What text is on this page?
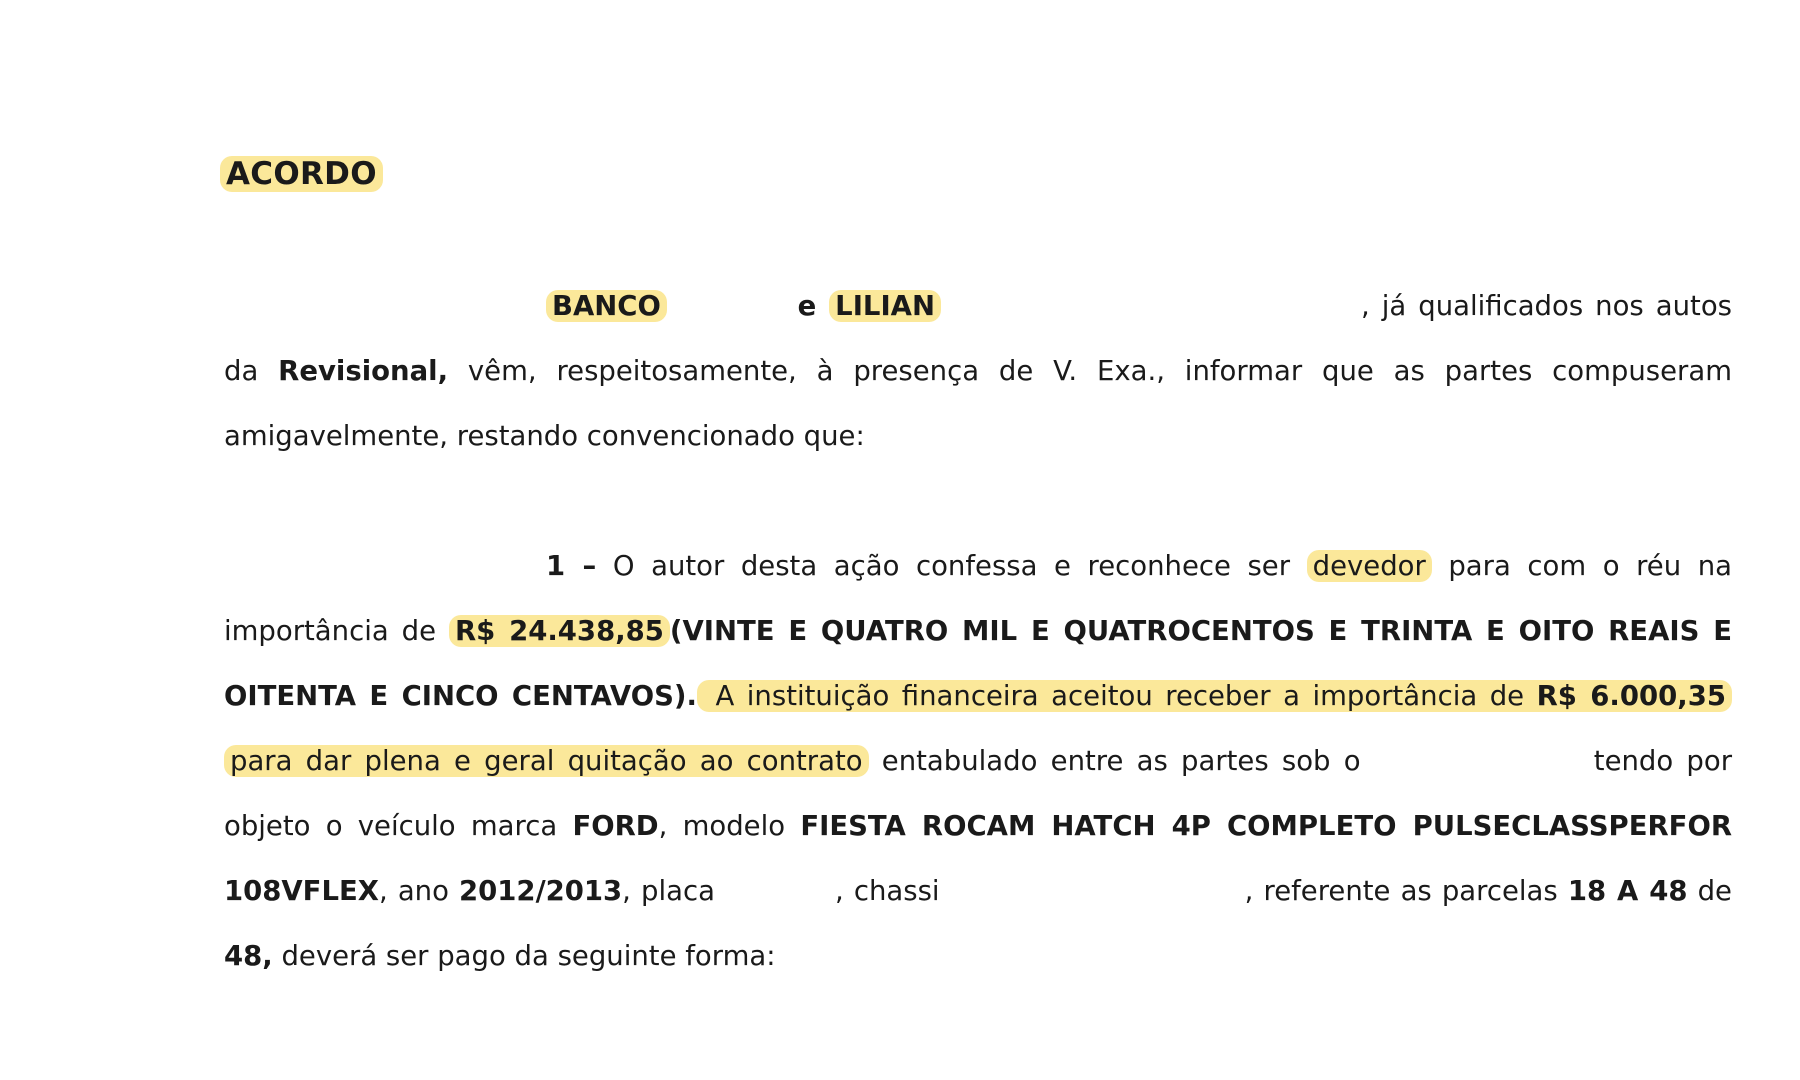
ACORDO

BANCO	e LILIAN	, já qualificados nos autos da Revisional, vêm, respeitosamente, à presença de V. Exa., informar que as partes compuseram amigavelmente, restando convencionado que:

1 – O autor desta ação confessa e reconhece ser devedor para com o réu na importância de R$ 24.438,85 (VINTE E QUATRO MIL E QUATROCENTOS E TRINTA E OITO REAIS E OITENTA E CINCO CENTAVOS). A instituição financeira aceitou receber a importância de R$ 6.000,35 para dar plena e geral quitação ao contrato entabulado entre as partes sob o	tendo por objeto o veículo marca FORD, modelo FIESTA ROCAM HATCH 4P COMPLETO PULSECLASSPERFOR 108VFLEX, ano 2012/2013, placa	, chassi	, referente as parcelas 18 A 48 de 48, deverá ser pago da seguinte forma:
